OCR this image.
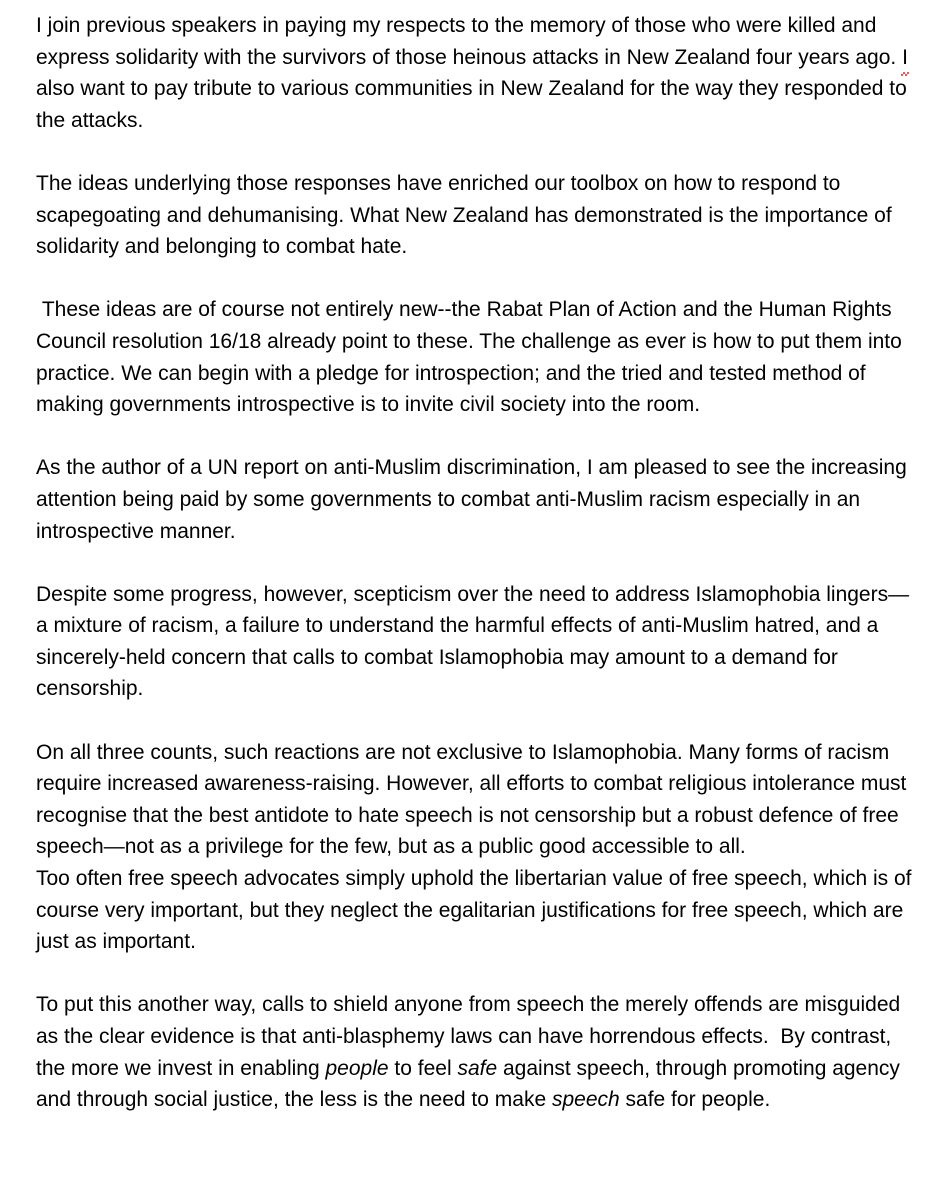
I join previous speakers in paying my respects to the memory of those who were killed and express solidarity with the survivors of those heinous attacks in New Zealand four years ago. I also want to pay tribute to various communities in New Zealand for the way they responded to the attacks.

The ideas underlying those responses have enriched our toolbox on how to respond to scapegoating and dehumanising. What New Zealand has demonstrated is the importance of solidarity and belonging to combat hate.

These ideas are of course not entirely new--the Rabat Plan of Action and the Human Rights Council resolution 16/18 already point to these. The challenge as ever is how to put them into practice. We can begin with a pledge for introspection; and the tried and tested method of making governments introspective is to invite civil society into the room.

As the author of a UN report on anti-Muslim discrimination, I am pleased to see the increasing attention being paid by some governments to combat anti-Muslim racism especially in an introspective manner.

Despite some progress, however, scepticism over the need to address Islamophobia lingers—a mixture of racism, a failure to understand the harmful effects of anti-Muslim hatred, and a sincerely-held concern that calls to combat Islamophobia may amount to a demand for censorship.

On all three counts, such reactions are not exclusive to Islamophobia. Many forms of racism require increased awareness-raising. However, all efforts to combat religious intolerance must recognise that the best antidote to hate speech is not censorship but a robust defence of free speech—not as a privilege for the few, but as a public good accessible to all.

Too often free speech advocates simply uphold the libertarian value of free speech, which is of course very important, but they neglect the egalitarian justifications for free speech, which are just as important.

To put this another way, calls to shield anyone from speech the merely offends are misguided as the clear evidence is that anti-blasphemy laws can have horrendous effects.  By contrast, the more we invest in enabling people to feel safe against speech, through promoting agency and through social justice, the less is the need to make speech safe for people.
